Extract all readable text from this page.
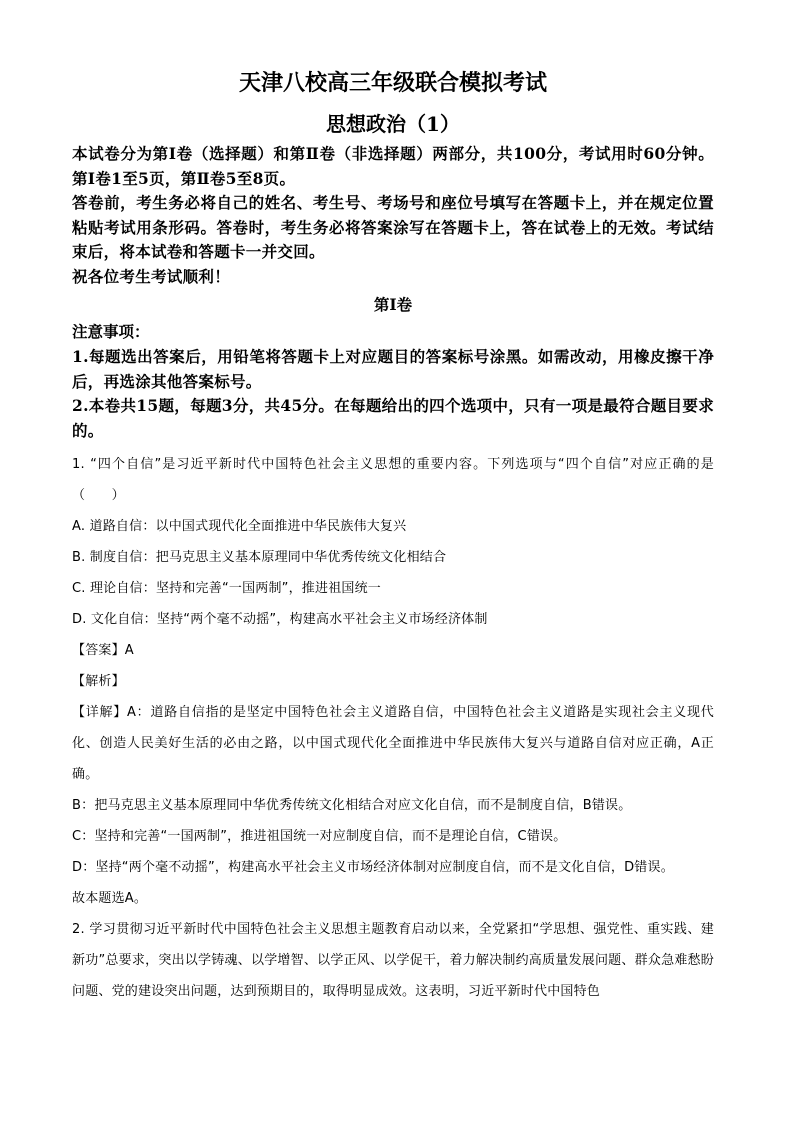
天津八校高三年级联合模拟考试
思想政治（1）

本试卷分为第Ⅰ卷（选择题）和第Ⅱ卷（非选择题）两部分，共100分，考试用时60分钟。第Ⅰ卷1至5页，第Ⅱ卷5至8页。

答卷前，考生务必将自己的姓名、考生号、考场号和座位号填写在答题卡上，并在规定位置粘贴考试用条形码。答卷时，考生务必将答案涂写在答题卡上，答在试卷上的无效。考试结束后，将本试卷和答题卡一并交回。

祝各位考生考试顺利！

第Ⅰ卷
注意事项：

1.每题选出答案后，用铅笔将答题卡上对应题目的答案标号涂黑。如需改动，用橡皮擦干净后，再选涂其他答案标号。

2.本卷共15题，每题3分，共45分。在每题给出的四个选项中，只有一项是最符合题目要求的。

1. “四个自信”是习近平新时代中国特色社会主义思想的重要内容。下列选项与“四个自信”对应正确的是（　　）

A. 道路自信：以中国式现代化全面推进中华民族伟大复兴

B. 制度自信：把马克思主义基本原理同中华优秀传统文化相结合

C. 理论自信：坚持和完善“一国两制”，推进祖国统一

D. 文化自信：坚持“两个毫不动摇”，构建高水平社会主义市场经济体制

【答案】A

【解析】

【详解】A：道路自信指的是坚定中国特色社会主义道路自信，中国特色社会主义道路是实现社会主义现代化、创造人民美好生活的必由之路，以中国式现代化全面推进中华民族伟大复兴与道路自信对应正确，A正确。

B：把马克思主义基本原理同中华优秀传统文化相结合对应文化自信，而不是制度自信，B错误。

C：坚持和完善“一国两制”，推进祖国统一对应制度自信，而不是理论自信，C错误。

D：坚持“两个毫不动摇”，构建高水平社会主义市场经济体制对应制度自信，而不是文化自信，D错误。

故本题选A。

2. 学习贯彻习近平新时代中国特色社会主义思想主题教育启动以来，全党紧扣“学思想、强党性、重实践、建新功”总要求，突出以学铸魂、以学增智、以学正风、以学促干，着力解决制约高质量发展问题、群众急难愁盼问题、党的建设突出问题，达到预期目的，取得明显成效。这表明，习近平新时代中国特色
